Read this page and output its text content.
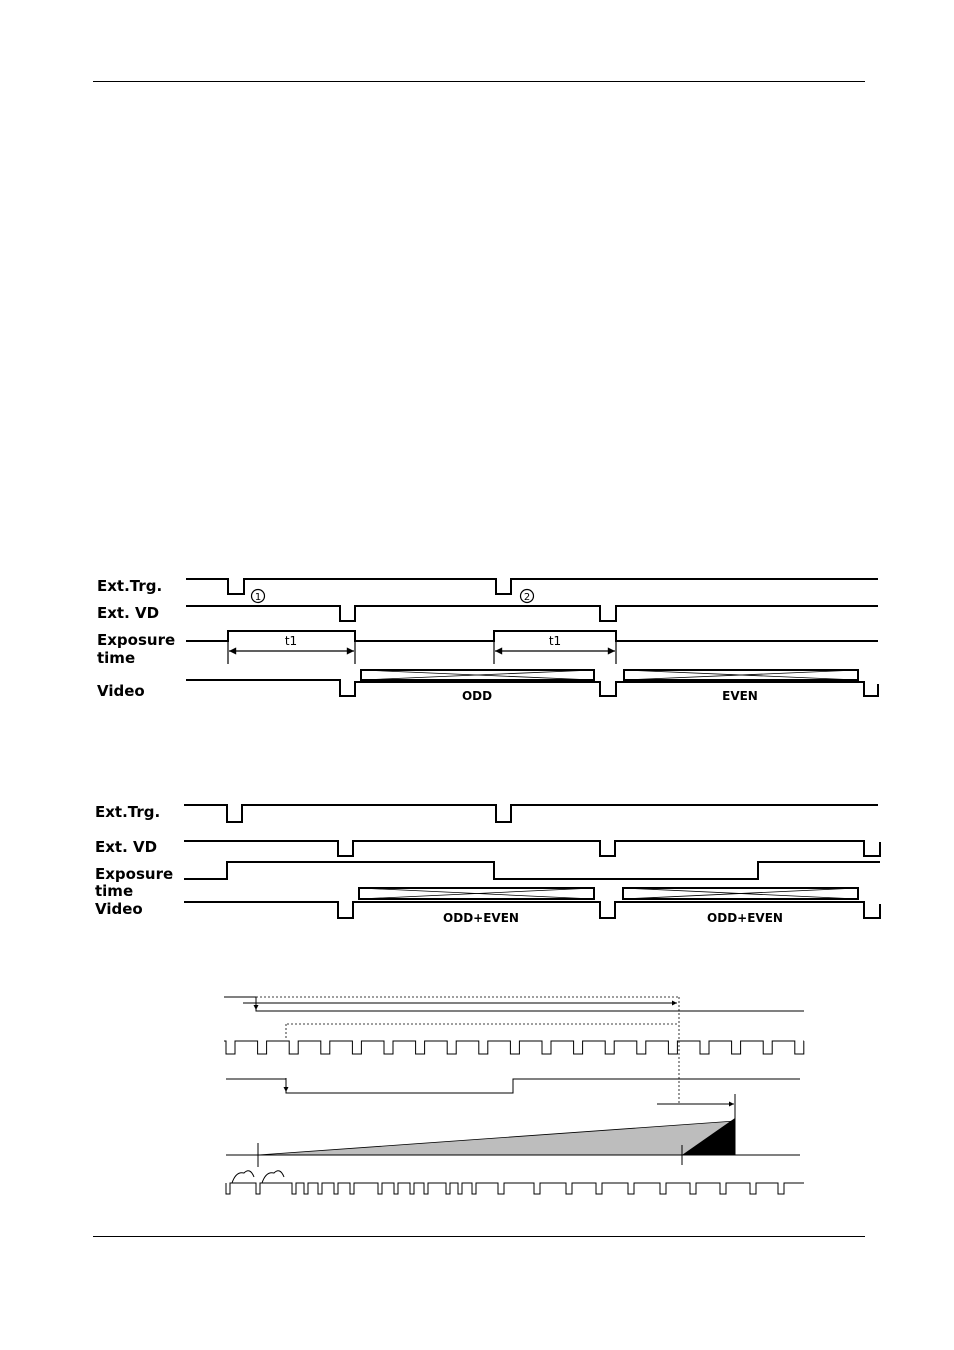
Ext.Trg.
Ext. VD
Exposure
time
Video
1	2
t1	t1
ODD	EVEN
Ext.Trg.
Ext. VD
Exposure
time
Video	ODD+EVEN	ODD+EVEN
